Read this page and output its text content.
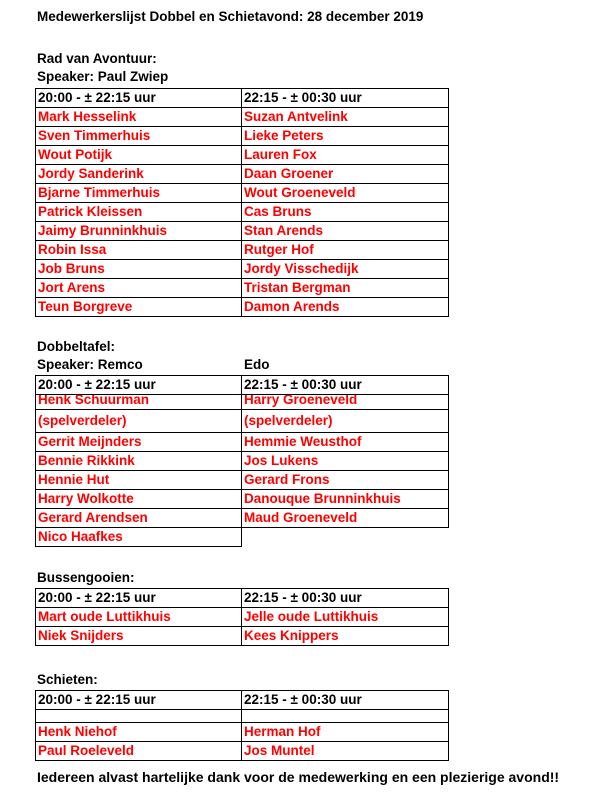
Medewerkerslijst Dobbel en Schietavond: 28 december 2019
Rad van Avontuur:
Speaker: Paul Zwiep
20:00 - ± 22:15 uur	22:15 - ± 00:30 uur
Mark Hesselink	Suzan Antvelink
Sven Timmerhuis	Lieke Peters
Wout Potijk	Lauren Fox
Jordy Sanderink	Daan Groener
Bjarne Timmerhuis	Wout Groeneveld
Patrick Kleissen	Cas Bruns
Jaimy Brunninkhuis	Stan Arends
Robin Issa	Rutger Hof
Job Bruns	Jordy Visschedijk
Jort Arens	Tristan Bergman
Teun Borgreve	Damon Arends
Dobbeltafel:
Speaker: Remco	Edo
20:00 - ± 22:15 uur	22:15 - ± 00:30 uur
Henk Schuurman	Harry Groeneveld
(spelverdeler)	(spelverdeler)
Gerrit Meijnders	Hemmie Weusthof
Bennie Rikkink	Jos Lukens
Hennie Hut	Gerard Frons
Harry Wolkotte	Danouque Brunninkhuis
Gerard Arendsen	Maud Groeneveld
Nico Haafkes	
Bussengooien:
20:00 - ± 22:15 uur	22:15 - ± 00:30 uur
Mart oude Luttikhuis	Jelle oude Luttikhuis
Niek Snijders	Kees Knippers
Schieten:
20:00 - ± 22:15 uur	22:15 - ± 00:30 uur

Henk Niehof	Herman Hof
Paul Roeleveld	Jos Muntel
Iedereen alvast hartelijke dank voor de medewerking en een plezierige avond!!
